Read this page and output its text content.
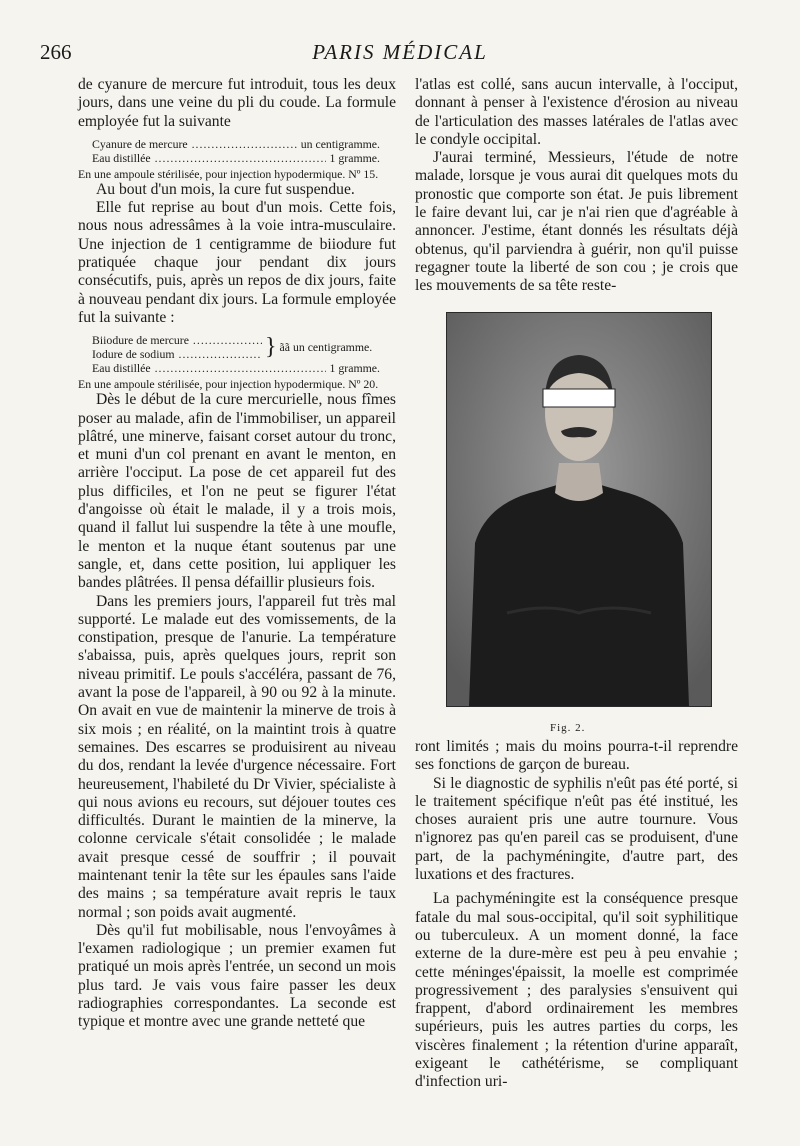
266	PARIS MÉDICAL

de cyanure de mercure fut introduit, tous les deux jours, dans une veine du pli du coude. La formule employée fut la suivante

Cyanure de mercure .....	un centigramme.
Eau distillée .....	1 gramme.

En une ampoule stérilisée, pour injection hypodermique. Nº 15.

Au bout d'un mois, la cure fut suspendue.

Elle fut reprise au bout d'un mois. Cette fois, nous nous adressâmes à la voie intra-musculaire. Une injection de 1 centigramme de biiodure fut pratiquée chaque jour pendant dix jours consécutifs, puis, après un repos de dix jours, faite à nouveau pendant dix jours. La formule employée fut la suivante :

Biiodure de mercure .....
Iodure de sodium .....	} ãã un centigramme.
Eau distillée .....	1 gramme.

En une ampoule stérilisée, pour injection hypodermique. Nº 20.

Dès le début de la cure mercurielle, nous fîmes poser au malade, afin de l'immobiliser, un appareil plâtré, une minerve, faisant corset autour du tronc, et muni d'un col prenant en avant le menton, en arrière l'occiput. La pose de cet appareil fut des plus difficiles, et l'on ne peut se figurer l'état d'angoisse où était le malade, il y a trois mois, quand il fallut lui suspendre la tête à une moufle, le menton et la nuque étant soutenus par une sangle, et, dans cette position, lui appliquer les bandes plâtrées. Il pensa défaillir plusieurs fois.

Dans les premiers jours, l'appareil fut très mal supporté. Le malade eut des vomissements, de la constipation, presque de l'anurie. La température s'abaissa, puis, après quelques jours, reprit son niveau primitif. Le pouls s'accéléra, passant de 76, avant la pose de l'appareil, à 90 ou 92 à la minute. On avait en vue de maintenir la minerve de trois à six mois ; en réalité, on la maintint trois à quatre semaines. Des escarres se produisirent au niveau du dos, rendant la levée d'urgence nécessaire. Fort heureusement, l'habileté du Dr Vivier, spécialiste à qui nous avions eu recours, sut déjouer toutes ces difficultés. Durant le maintien de la minerve, la colonne cervicale s'était consolidée ; le malade avait presque cessé de souffrir ; il pouvait maintenant tenir la tête sur les épaules sans l'aide des mains ; sa température avait repris le taux normal ; son poids avait augmenté.

Dès qu'il fut mobilisable, nous l'envoyâmes à l'examen radiologique ; un premier examen fut pratiqué un mois après l'entrée, un second un mois plus tard. Je vais vous faire passer les deux radiographies correspondantes. La seconde est typique et montre avec une grande netteté que

l'atlas est collé, sans aucun intervalle, à l'occiput, donnant à penser à l'existence d'érosion au niveau de l'articulation des masses latérales de l'atlas avec le condyle occipital.

J'aurai terminé, Messieurs, l'étude de notre malade, lorsque je vous aurai dit quelques mots du pronostic que comporte son état. Je puis librement le faire devant lui, car je n'ai rien que d'agréable à annoncer. J'estime, étant donnés les résultats déjà obtenus, qu'il parviendra à guérir, non qu'il puisse regagner toute la liberté de son cou ; je crois que les mouvements de sa tête reste-

Fig. 2.

ront limités ; mais du moins pourra-t-il reprendre ses fonctions de garçon de bureau.

Si le diagnostic de syphilis n'eût pas été porté, si le traitement spécifique n'eût pas été institué, les choses auraient pris une autre tournure. Vous n'ignorez pas qu'en pareil cas se produisent, d'une part, de la pachyméningite, d'autre part, des luxations et des fractures.

La pachyméningite est la conséquence presque fatale du mal sous-occipital, qu'il soit syphilitique ou tuberculeux. A un moment donné, la face externe de la dure-mère est peu à peu envahie ; cette méninges'épaissit, la moelle est comprimée progressivement ; des paralysies s'ensuivent qui frappent, d'abord ordinairement les membres supérieurs, puis les autres parties du corps, les viscères finalement ; la rétention d'urine apparaît, exigeant le cathétérisme, se compliquant d'infection uri-
